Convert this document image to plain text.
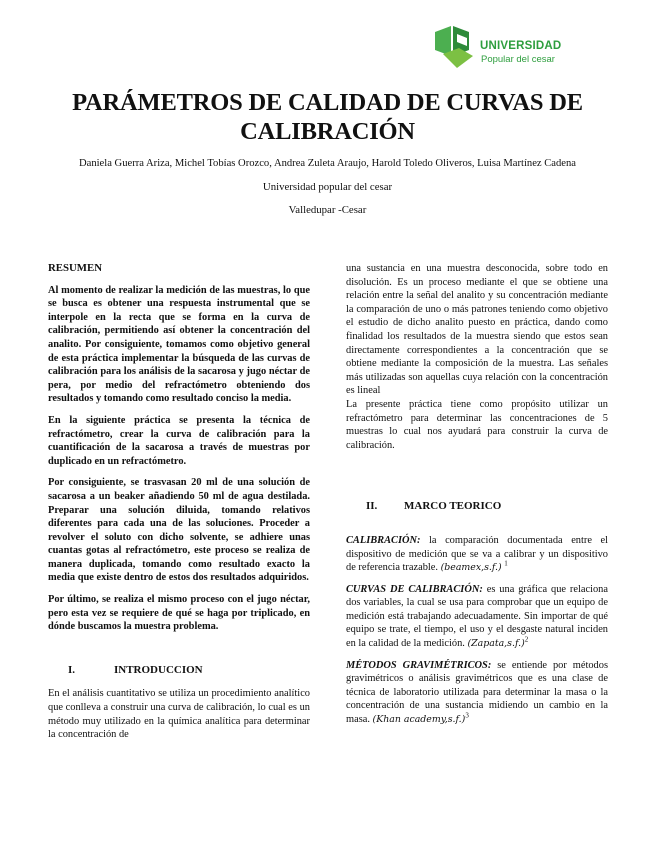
UNIVERSIDAD
Popular del cesar
PARÁMETROS DE CALIDAD DE CURVAS DE CALIBRACIÓN
Daniela Guerra Ariza, Michel Tobías Orozco, Andrea Zuleta Araujo, Harold Toledo Oliveros, Luisa Martínez Cadena
Universidad popular del cesar
Valledupar -Cesar
RESUMEN

Al momento de realizar la medición de las muestras, lo que se busca es obtener una respuesta instrumental que se interpole en la recta que se forma en la curva de calibración, permitiendo así obtener la concentración del analito. Por consiguiente, tomamos como objetivo general de esta práctica implementar la búsqueda de las curvas de calibración para los análisis de la sacarosa y jugo néctar de pera, por medio del refractómetro obteniendo dos resultados y tomando como resultado conciso la media.

En la siguiente práctica se presenta la técnica de refractómetro, crear la curva de calibración para la cuantificación de la sacarosa a través de muestras por duplicado en un refractómetro.

Por consiguiente, se trasvasan 20 ml de una solución de sacarosa a un beaker añadiendo 50 ml de agua destilada. Preparar una solución diluida, tomando relativos diferentes para cada una de las soluciones. Proceder a revolver el soluto con dicho solvente, se adhiere unas cuantas gotas al refractómetro, este proceso se realiza de manera duplicada, tomando como resultado exacto la media que existe dentro de estos dos resultados adquiridos.

Por último, se realiza el mismo proceso con el jugo néctar, pero esta vez se requiere de qué se haga por triplicado, en dónde buscamos la muestra problema.

I.	INTRODUCCION

En el análisis cuantitativo se utiliza un procedimiento analítico que conlleva a construir una curva de calibración, lo cual es un método muy utilizado en la química analítica para determinar la concentración de

una sustancia en una muestra desconocida, sobre todo en disolución. Es un proceso mediante el que se obtiene una relación entre la señal del analito y su concentración mediante la comparación de uno o más patrones teniendo como objetivo el estudio de dicho analito puesto en práctica, dando como finalidad los resultados de la muestra siendo que estos sean directamente correspondientes a la concentración que se obtiene mediante la composición de la muestra. Las señales más utilizadas son aquellas cuya relación con la concentración es lineal

La presente práctica tiene como propósito utilizar un refractómetro para determinar las concentraciones de 5 muestras lo cual nos ayudará para construir la curva de calibración.

II.	MARCO TEORICO

CALIBRACIÓN: la comparación documentada entre el dispositivo de medición que se va a calibrar y un dispositivo de referencia trazable. (beamex,s.f.) $^1$

CURVAS DE CALIBRACIÓN: es una gráfica que relaciona dos variables, la cual se usa para comprobar que un equipo de medición está trabajando adecuadamente. Sin importar de qué equipo se trate, el tiempo, el uso y el desgaste natural inciden en la calidad de la medición. (Zapata,s.f.)$^2$

MÉTODOS GRAVIMÉTRICOS: se entiende por métodos gravimétricos o análisis gravimétricos que es una clase de técnica de laboratorio utilizada para determinar la masa o la concentración de una sustancia midiendo un cambio en la masa. (Khan academy,s.f.)$^3$
